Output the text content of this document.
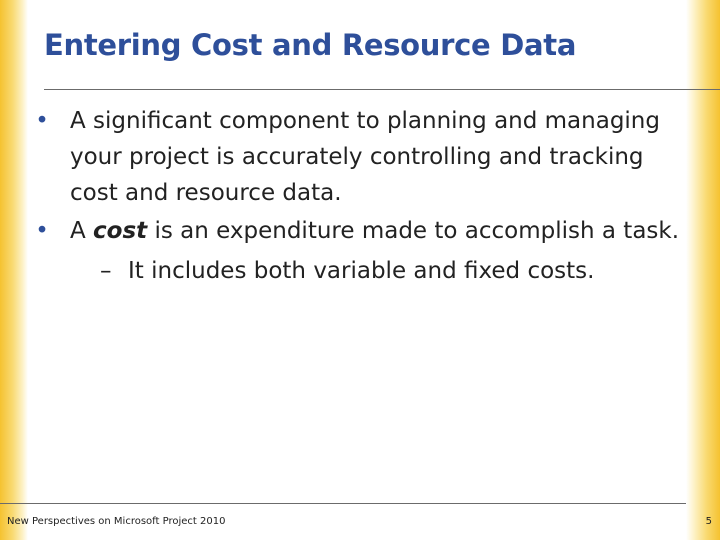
Entering Cost and Resource Data

• A significant component to planning and managing your project is accurately controlling and tracking cost and resource data.

• A cost is an expenditure made to accomplish a task.

– It includes both variable and fixed costs.

New Perspectives on Microsoft Project 2010	5
